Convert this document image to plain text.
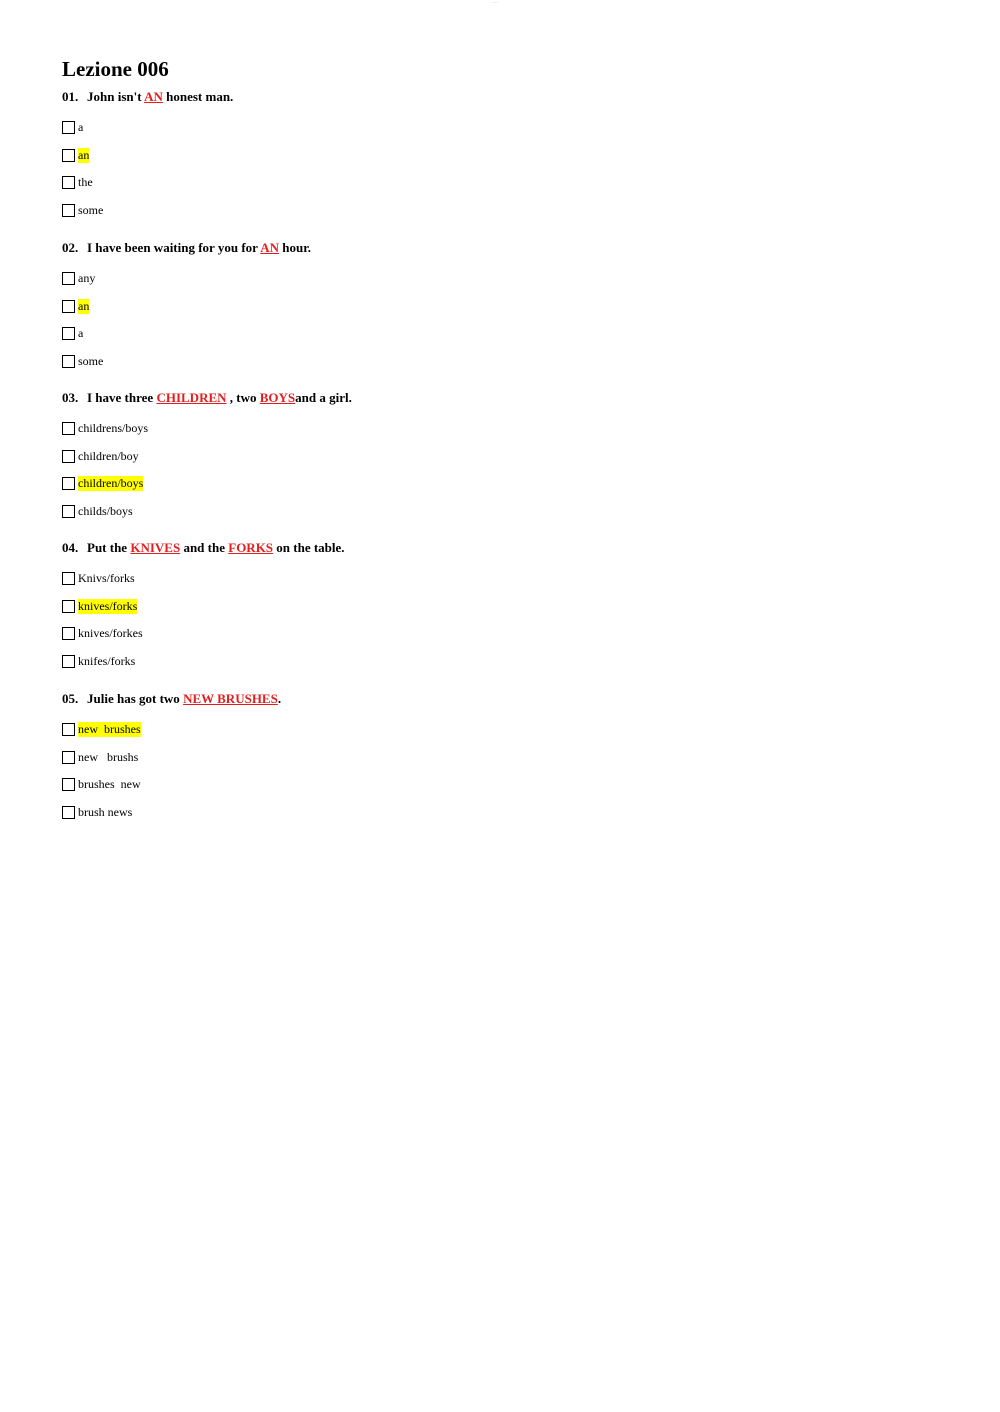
-- -- --
Lezione 006
01. John isn't AN honest man.
a
an
the
some
02. I have been waiting for you for AN hour.
any
an
a
some
03. I have three CHILDREN , two BOYSand a girl.
childrens/boys
children/boy
children/boys
childs/boys
04. Put the KNIVES and the FORKS on the table.
Knivs/forks
knives/forks
knives/forkes
knifes/forks
05. Julie has got two NEW BRUSHES.
new  brushes
new   brushs
brushes  new
brush news
